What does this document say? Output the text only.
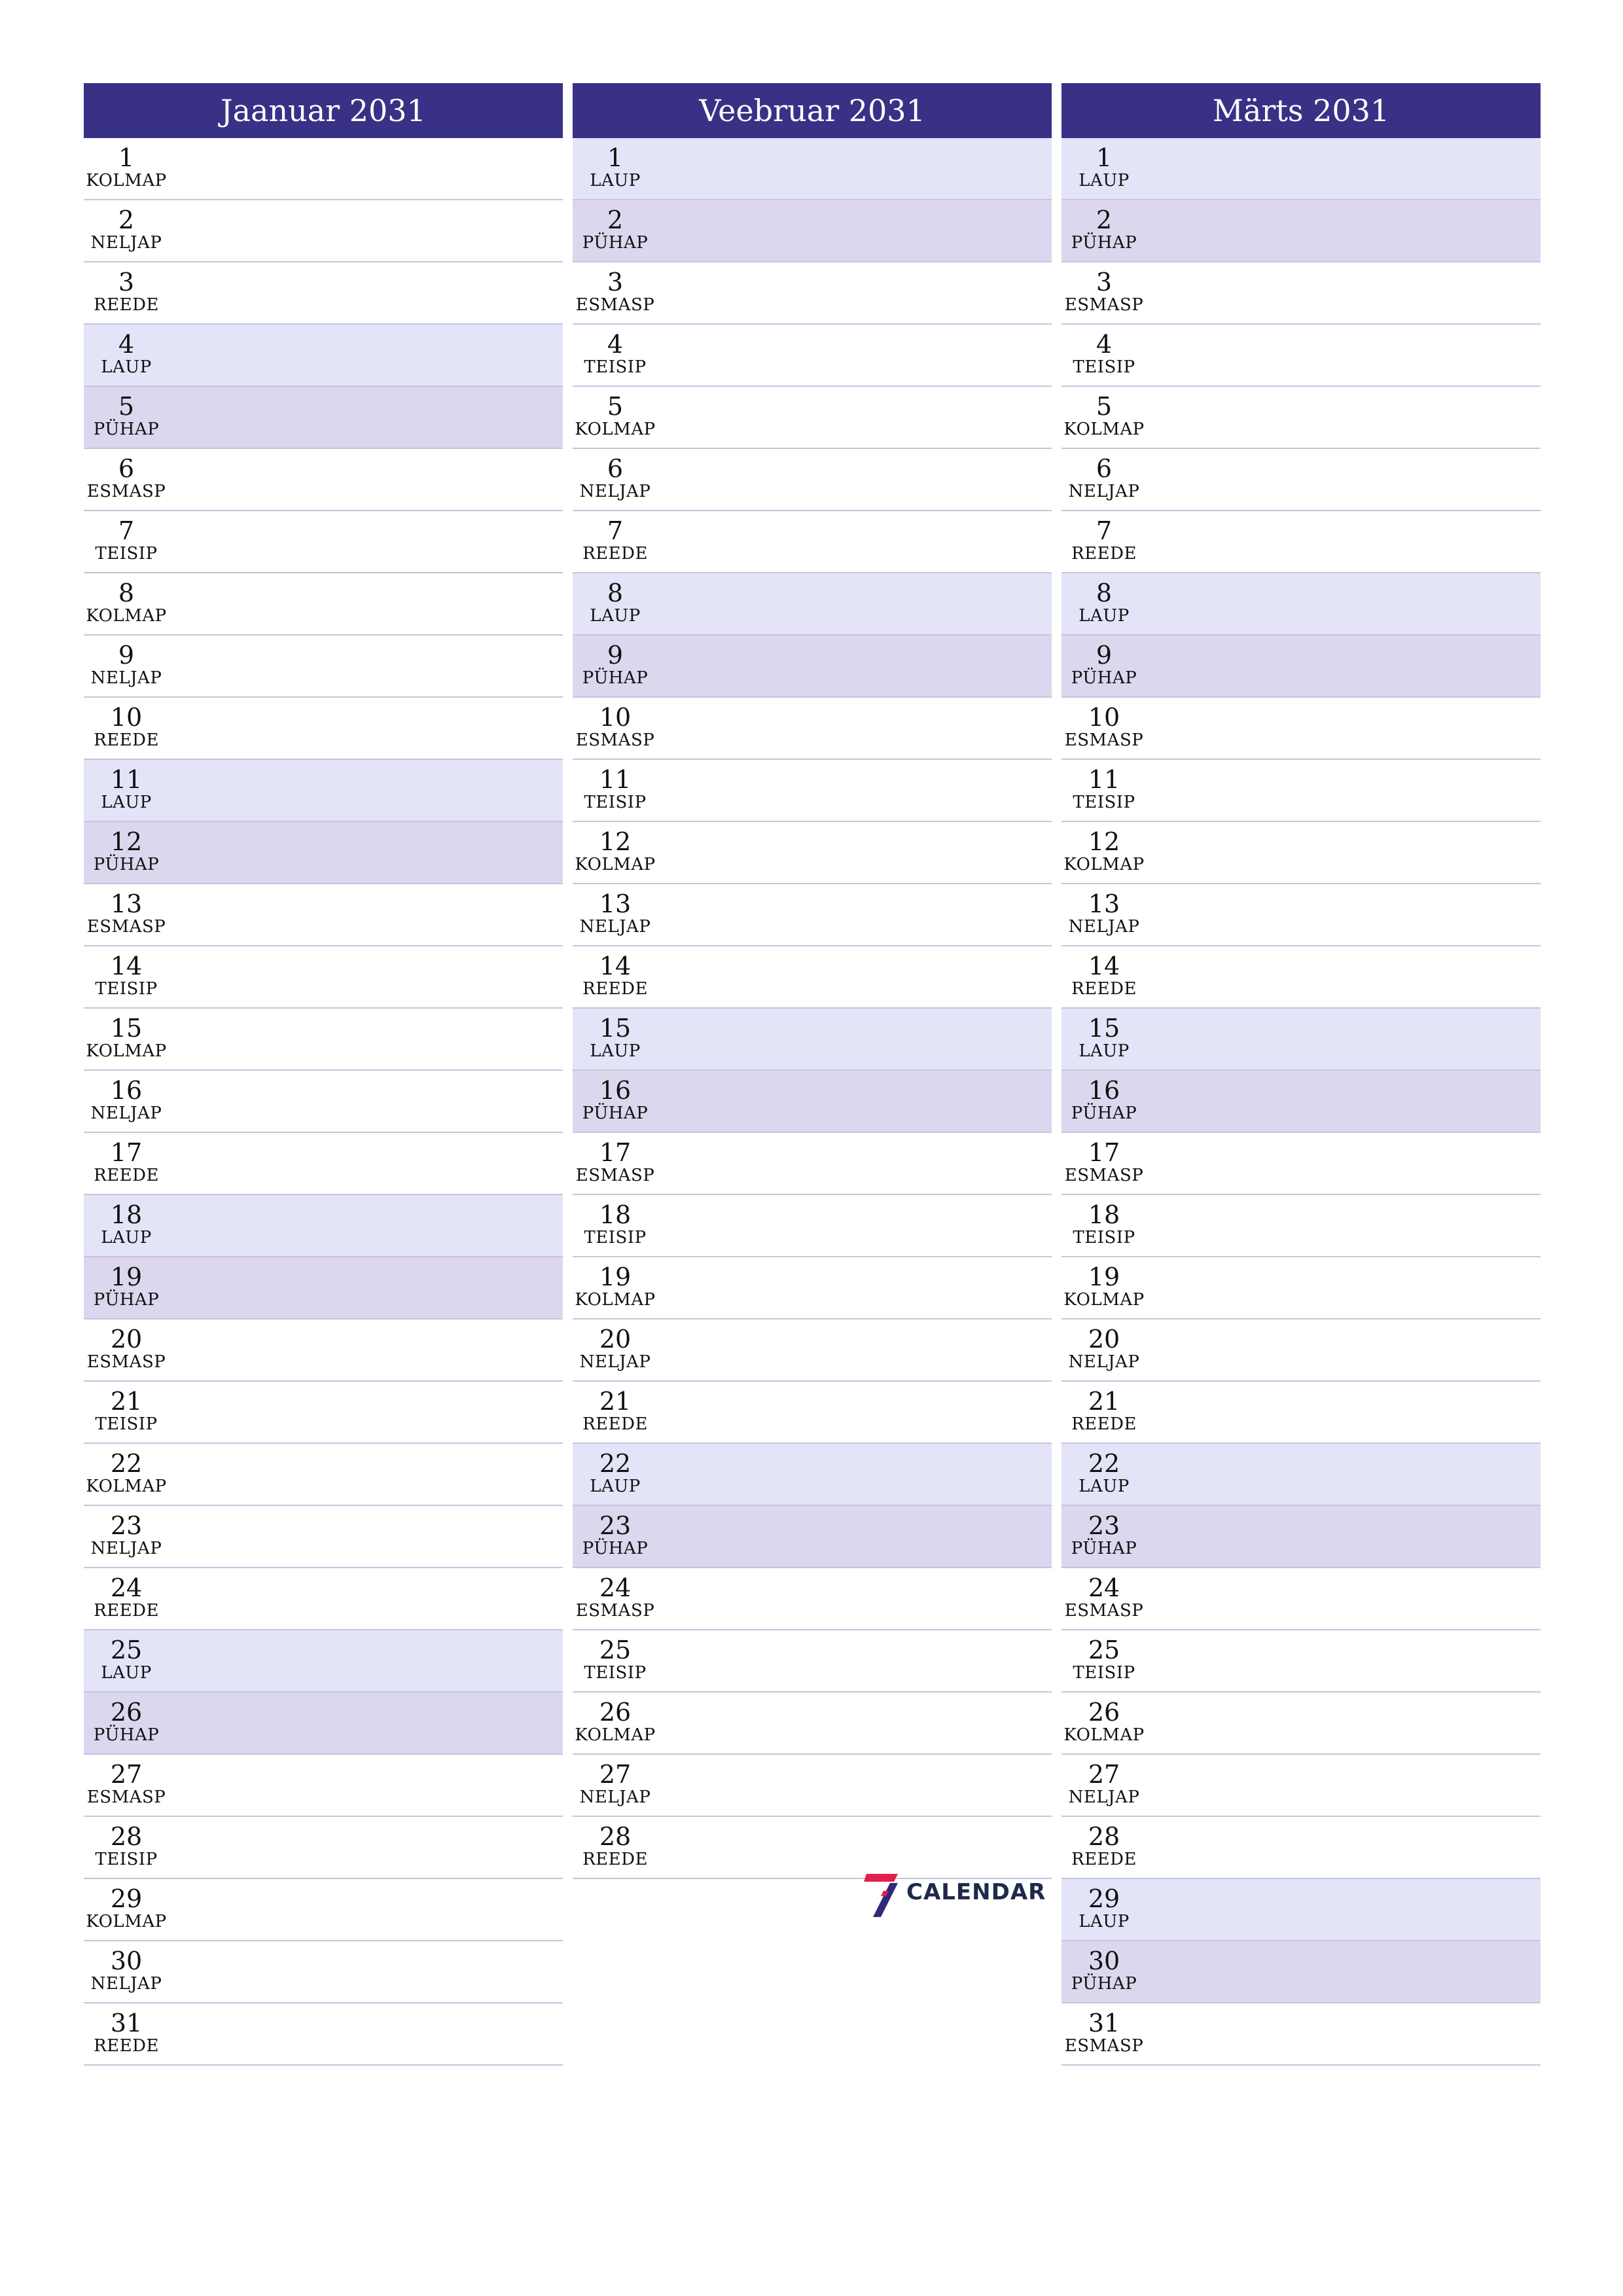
Jaanuar 2031
1
KOLMAP
2
NELJAP
3
REEDE
4
LAUP
5
PÜHAP
6
ESMASP
7
TEISIP
8
KOLMAP
9
NELJAP
10
REEDE
11
LAUP
12
PÜHAP
13
ESMASP
14
TEISIP
15
KOLMAP
16
NELJAP
17
REEDE
18
LAUP
19
PÜHAP
20
ESMASP
21
TEISIP
22
KOLMAP
23
NELJAP
24
REEDE
25
LAUP
26
PÜHAP
27
ESMASP
28
TEISIP
29
KOLMAP
30
NELJAP
31
REEDE
Veebruar 2031
1
LAUP
2
PÜHAP
3
ESMASP
4
TEISIP
5
KOLMAP
6
NELJAP
7
REEDE
8
LAUP
9
PÜHAP
10
ESMASP
11
TEISIP
12
KOLMAP
13
NELJAP
14
REEDE
15
LAUP
16
PÜHAP
17
ESMASP
18
TEISIP
19
KOLMAP
20
NELJAP
21
REEDE
22
LAUP
23
PÜHAP
24
ESMASP
25
TEISIP
26
KOLMAP
27
NELJAP
28
REEDE
Märts 2031
1
LAUP
2
PÜHAP
3
ESMASP
4
TEISIP
5
KOLMAP
6
NELJAP
7
REEDE
8
LAUP
9
PÜHAP
10
ESMASP
11
TEISIP
12
KOLMAP
13
NELJAP
14
REEDE
15
LAUP
16
PÜHAP
17
ESMASP
18
TEISIP
19
KOLMAP
20
NELJAP
21
REEDE
22
LAUP
23
PÜHAP
24
ESMASP
25
TEISIP
26
KOLMAP
27
NELJAP
28
REEDE
29
LAUP
30
PÜHAP
31
ESMASP
CALENDAR
